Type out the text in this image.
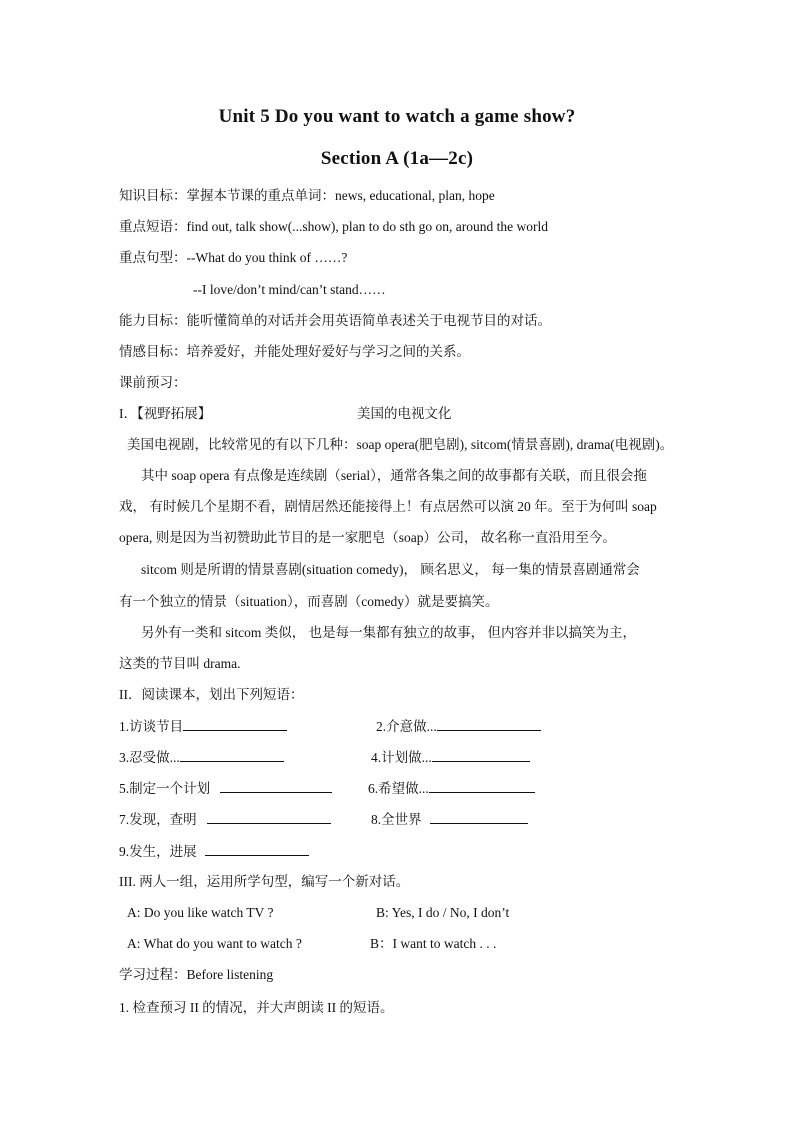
Unit 5 Do you want to watch a game show?
Section A (1a—2c)
知识目标：掌握本节课的重点单词：news, educational, plan, hope
重点短语：find out, talk show(...show), plan to do sth go on, around the world
重点句型：--What do you think of ……?
--I love/don’t mind/can’t stand……
能力目标：能听懂简单的对话并会用英语简单表述关于电视节目的对话。
情感目标：培养爱好，并能处理好爱好与学习之间的关系。
课前预习：
I．【视野拓展】	美国的电视文化
美国电视剧，比较常见的有以下几种：soap opera(肥皂剧), sitcom(情景喜剧), drama(电视剧)。
其中 soap opera 有点像是连续剧（serial），通常各集之间的故事都有关联，而且很会拖
戏， 有时候几个星期不看，剧情居然还能接得上！有点居然可以演 20 年。至于为何叫 soap
opera, 则是因为当初赞助此节目的是一家肥皂（soap）公司， 故名称一直沿用至今。
sitcom 则是所谓的情景喜剧(situation comedy)， 顾名思义， 每一集的情景喜剧通常会
有一个独立的情景（situation），而喜剧（comedy）就是要搞笑。
另外有一类和 sitcom 类似， 也是每一集都有独立的故事， 但内容并非以搞笑为主，
这类的节目叫 drama.
II．阅读课本，划出下列短语：
1.访谈节目	2.介意做...
3.忍受做...	4.计划做...
5.制定一个计划	6.希望做...
7.发现，查明	8.全世界
9.发生，进展
III. 两人一组，运用所学句型，编写一个新对话。
A: Do you like watch TV ?	B: Yes, I do / No, I don’t
A: What do you want to watch ?	B：I want to watch . . .
学习过程：Before listening
1. 检查预习 II 的情况，并大声朗读 II 的短语。
